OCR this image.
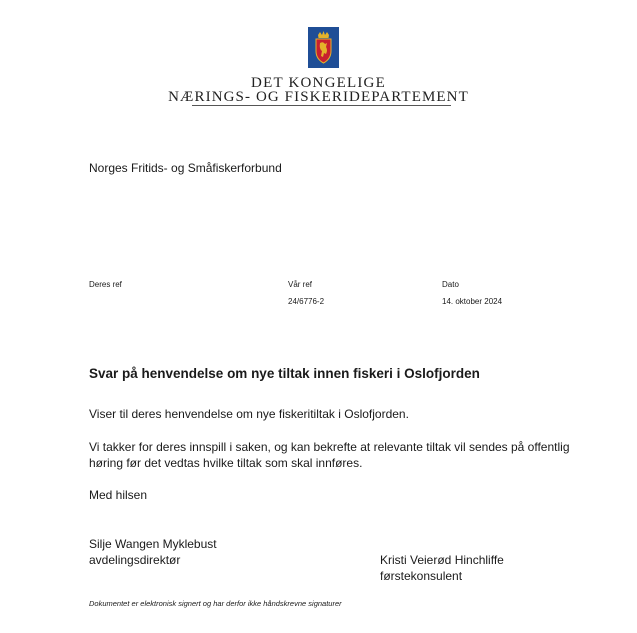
DET KONGELIGE
NÆRINGS- OG FISKERIDEPARTEMENT
Norges Fritids- og Småfiskerforbund
Deres ref	Vår ref
24/6776-2
Dato
14. oktober 2024
Svar på henvendelse om nye tiltak innen fiskeri i Oslofjorden
Viser til deres henvendelse om nye fiskeritiltak i Oslofjorden.
Vi takker for deres innspill i saken, og kan bekrefte at relevante tiltak vil sendes på offentlig
høring før det vedtas hvilke tiltak som skal innføres.
Med hilsen
Silje Wangen Myklebust
avdelingsdirektør	Kristi Veierød Hinchliffe
førstekonsulent
Dokumentet er elektronisk signert og har derfor ikke håndskrevne signaturer
